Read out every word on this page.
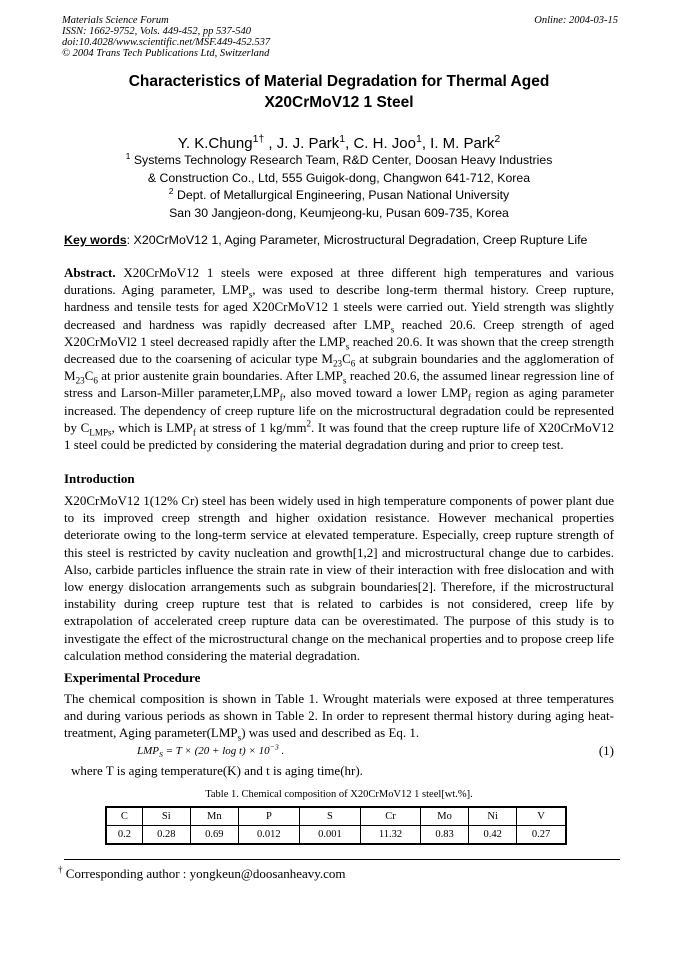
Materials Science Forum
ISSN: 1662-9752, Vols. 449-452, pp 537-540
doi:10.4028/www.scientific.net/MSF.449-452.537
© 2004 Trans Tech Publications Ltd, Switzerland
Online: 2004-03-15
Characteristics of Material Degradation for Thermal Aged
X20CrMoV12 1 Steel
Y. K.Chung$^{1\dagger}$ , J. J. Park$^1$, C. H. Joo$^1$, I. M. Park$^2$
$^1$ Systems Technology Research Team, R&D Center, Doosan Heavy Industries
& Construction Co., Ltd, 555 Guigok-dong, Changwon 641-712, Korea
$^2$ Dept. of Metallurgical Engineering, Pusan National University
San 30 Jangjeon-dong, Keumjeong-ku, Pusan 609-735, Korea
Key words: X20CrMoV12 1, Aging Parameter, Microstructural Degradation, Creep Rupture Life
Abstract. X20CrMoV12 1 steels were exposed at three different high temperatures and various durations. Aging parameter, $LMP_s$, was used to describe long-term thermal history. Creep rupture, hardness and tensile tests for aged X20CrMoV12 1 steels were carried out. Yield strength was slightly decreased and hardness was rapidly decreased after $LMP_s$ reached 20.6. Creep strength of aged X20CrMoVl2 1 steel decreased rapidly after the $LMP_s$ reached 20.6. It was shown that the creep strength decreased due to the coarsening of acicular type $M_{23}C_6$ at subgrain boundaries and the agglomeration of $M_{23}C_6$ at prior austenite grain boundaries. After $LMP_s$ reached 20.6, the assumed linear regression line of stress and Larson-Miller $parameter,LMP_f$, also moved toward a lower $LMP_f$ region as aging parameter increased. The dependency of creep rupture life on the microstructural degradation could be represented by $C_{LMPs}$, which is $LMP_f$ at stress of 1 $kg/mm^2$. It was found that the creep rupture life of X20CrMoV12 1 steel could be predicted by considering the material degradation during and prior to creep test.
Introduction
X20CrMoV12 1(12% Cr) steel has been widely used in high temperature components of power plant due to its improved creep strength and higher oxidation resistance. However mechanical properties deteriorate owing to the long-term service at elevated temperature. Especially, creep rupture strength of this steel is restricted by cavity nucleation and growth[1,2] and microstructural change due to carbides. Also, carbide particles influence the strain rate in view of their interaction with free dislocation and with low energy dislocation arrangements such as subgrain boundaries[2]. Therefore, if the microstructural instability during creep rupture test that is related to carbides is not considered, creep life by extrapolation of accelerated creep rupture data can be overestimated. The purpose of this study is to investigate the effect of the microstructural change on the mechanical properties and to propose creep life calculation method considering the material degradation.
Experimental Procedure
The chemical composition is shown in Table 1. Wrought materials were exposed at three temperatures and during various periods as shown in Table 2. In order to represent thermal history during aging heat-treatment, Aging $parameter(LMP_s)$ was used and described as Eq. 1.
$LMP_S = T \times (20 + \log t) \times 10^{-3}$ .	(1)
where T is aging temperature(K) and t is aging time(hr).
Table 1. Chemical composition of X20CrMoV12 1 steel[wt.%].
C	Si	Mn	P	S	Cr	Mo	Ni	V
0.2	0.28	0.69	0.012	0.001	11.32	0.83	0.42	0.27
† Corresponding author : yongkeun@doosanheavy.com
